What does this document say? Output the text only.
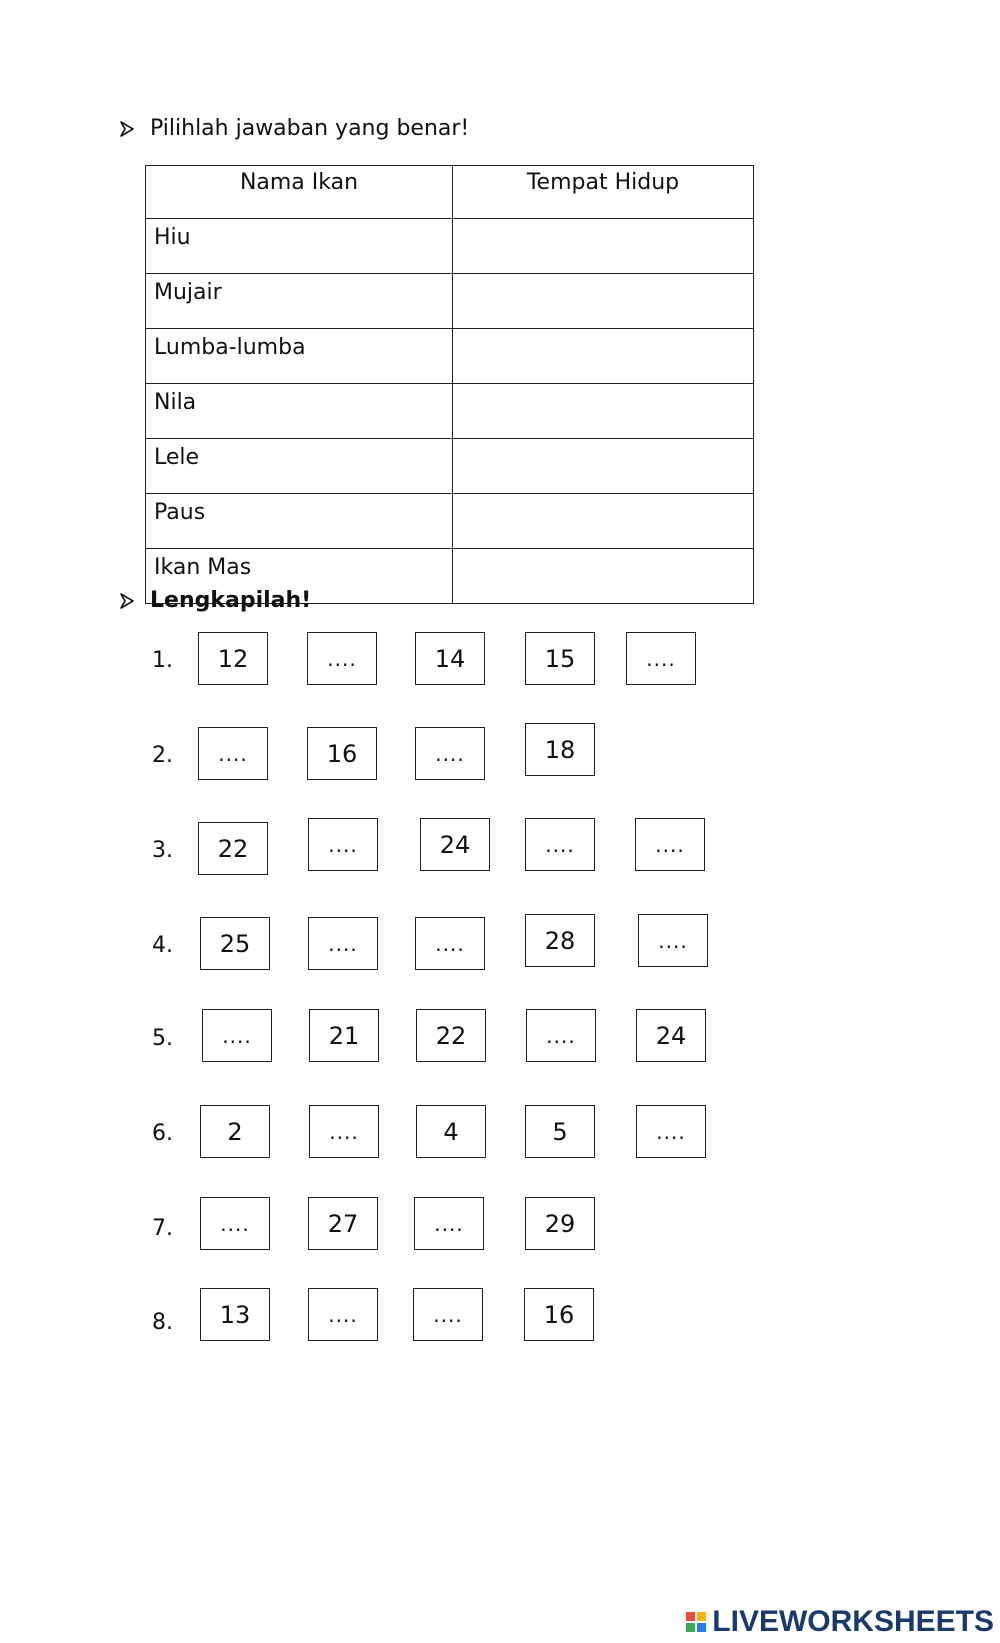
Pilihlah jawaban yang benar!
Nama Ikan	Tempat Hidup
Hiu	
Mujair	
Lumba-lumba	
Nila	
Lele	
Paus	
Ikan Mas	
Lengkapilah!
1.	12	....	14	15	....
2.	....	16	....	18
3.	22	....	24	....	....
4.	25	....	....	28	....
5.	....	21	22	....	24
6.	2	....	4	5	....
7.	....	27	....	29
8.	13	....	....	16
LIVEWORKSHEETS
